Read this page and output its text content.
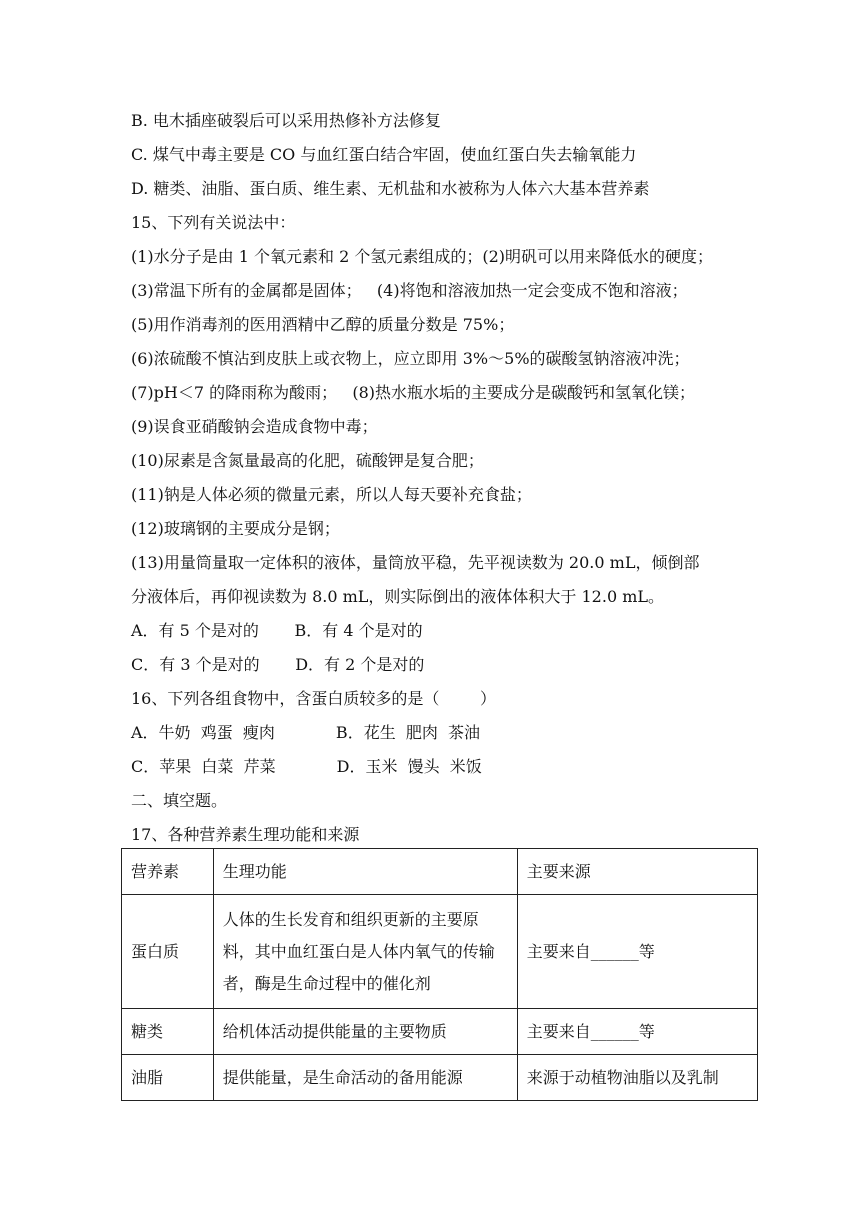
B. 电木插座破裂后可以采用热修补方法修复
C. 煤气中毒主要是 CO 与血红蛋白结合牢固，使血红蛋白失去输氧能力
D. 糖类、油脂、蛋白质、维生素、无机盐和水被称为人体六大基本营养素
15、下列有关说法中：
(1)水分子是由 1 个氧元素和 2 个氢元素组成的；(2)明矾可以用来降低水的硬度；
(3)常温下所有的金属都是固体；   (4)将饱和溶液加热一定会变成不饱和溶液；
(5)用作消毒剂的医用酒精中乙醇的质量分数是 75%；
(6)浓硫酸不慎沾到皮肤上或衣物上，应立即用 3%～5%的碳酸氢钠溶液冲洗；
(7)pH＜7 的降雨称为酸雨；   (8)热水瓶水垢的主要成分是碳酸钙和氢氧化镁；
(9)误食亚硝酸钠会造成食物中毒；
(10)尿素是含氮量最高的化肥，硫酸钾是复合肥；
(11)钠是人体必须的微量元素，所以人每天要补充食盐；
(12)玻璃钢的主要成分是钢；
(13)用量筒量取一定体积的液体，量筒放平稳，先平视读数为 20.0 mL，倾倒部
分液体后，再仰视读数为 8.0 mL，则实际倒出的液体体积大于 12.0 mL。
A．有 5 个是对的       B．有 4 个是对的
C．有 3 个是对的       D．有 2 个是对的
16、下列各组食物中，含蛋白质较多的是（        ）
A．牛奶  鸡蛋  瘦肉            B．花生  肥肉  茶油
C．苹果  白菜  芹菜            D．玉米  馒头  米饭
二、填空题。
17、各种营养素生理功能和来源
营养素	生理功能	主要来源
蛋白质	人体的生长发育和组织更新的主要原
料，其中血红蛋白是人体内氧气的传输
者，酶是生命过程中的催化剂	主要来自______等
糖类	给机体活动提供能量的主要物质	主要来自______等
油脂	提供能量，是生命活动的备用能源	来源于动植物油脂以及乳制
